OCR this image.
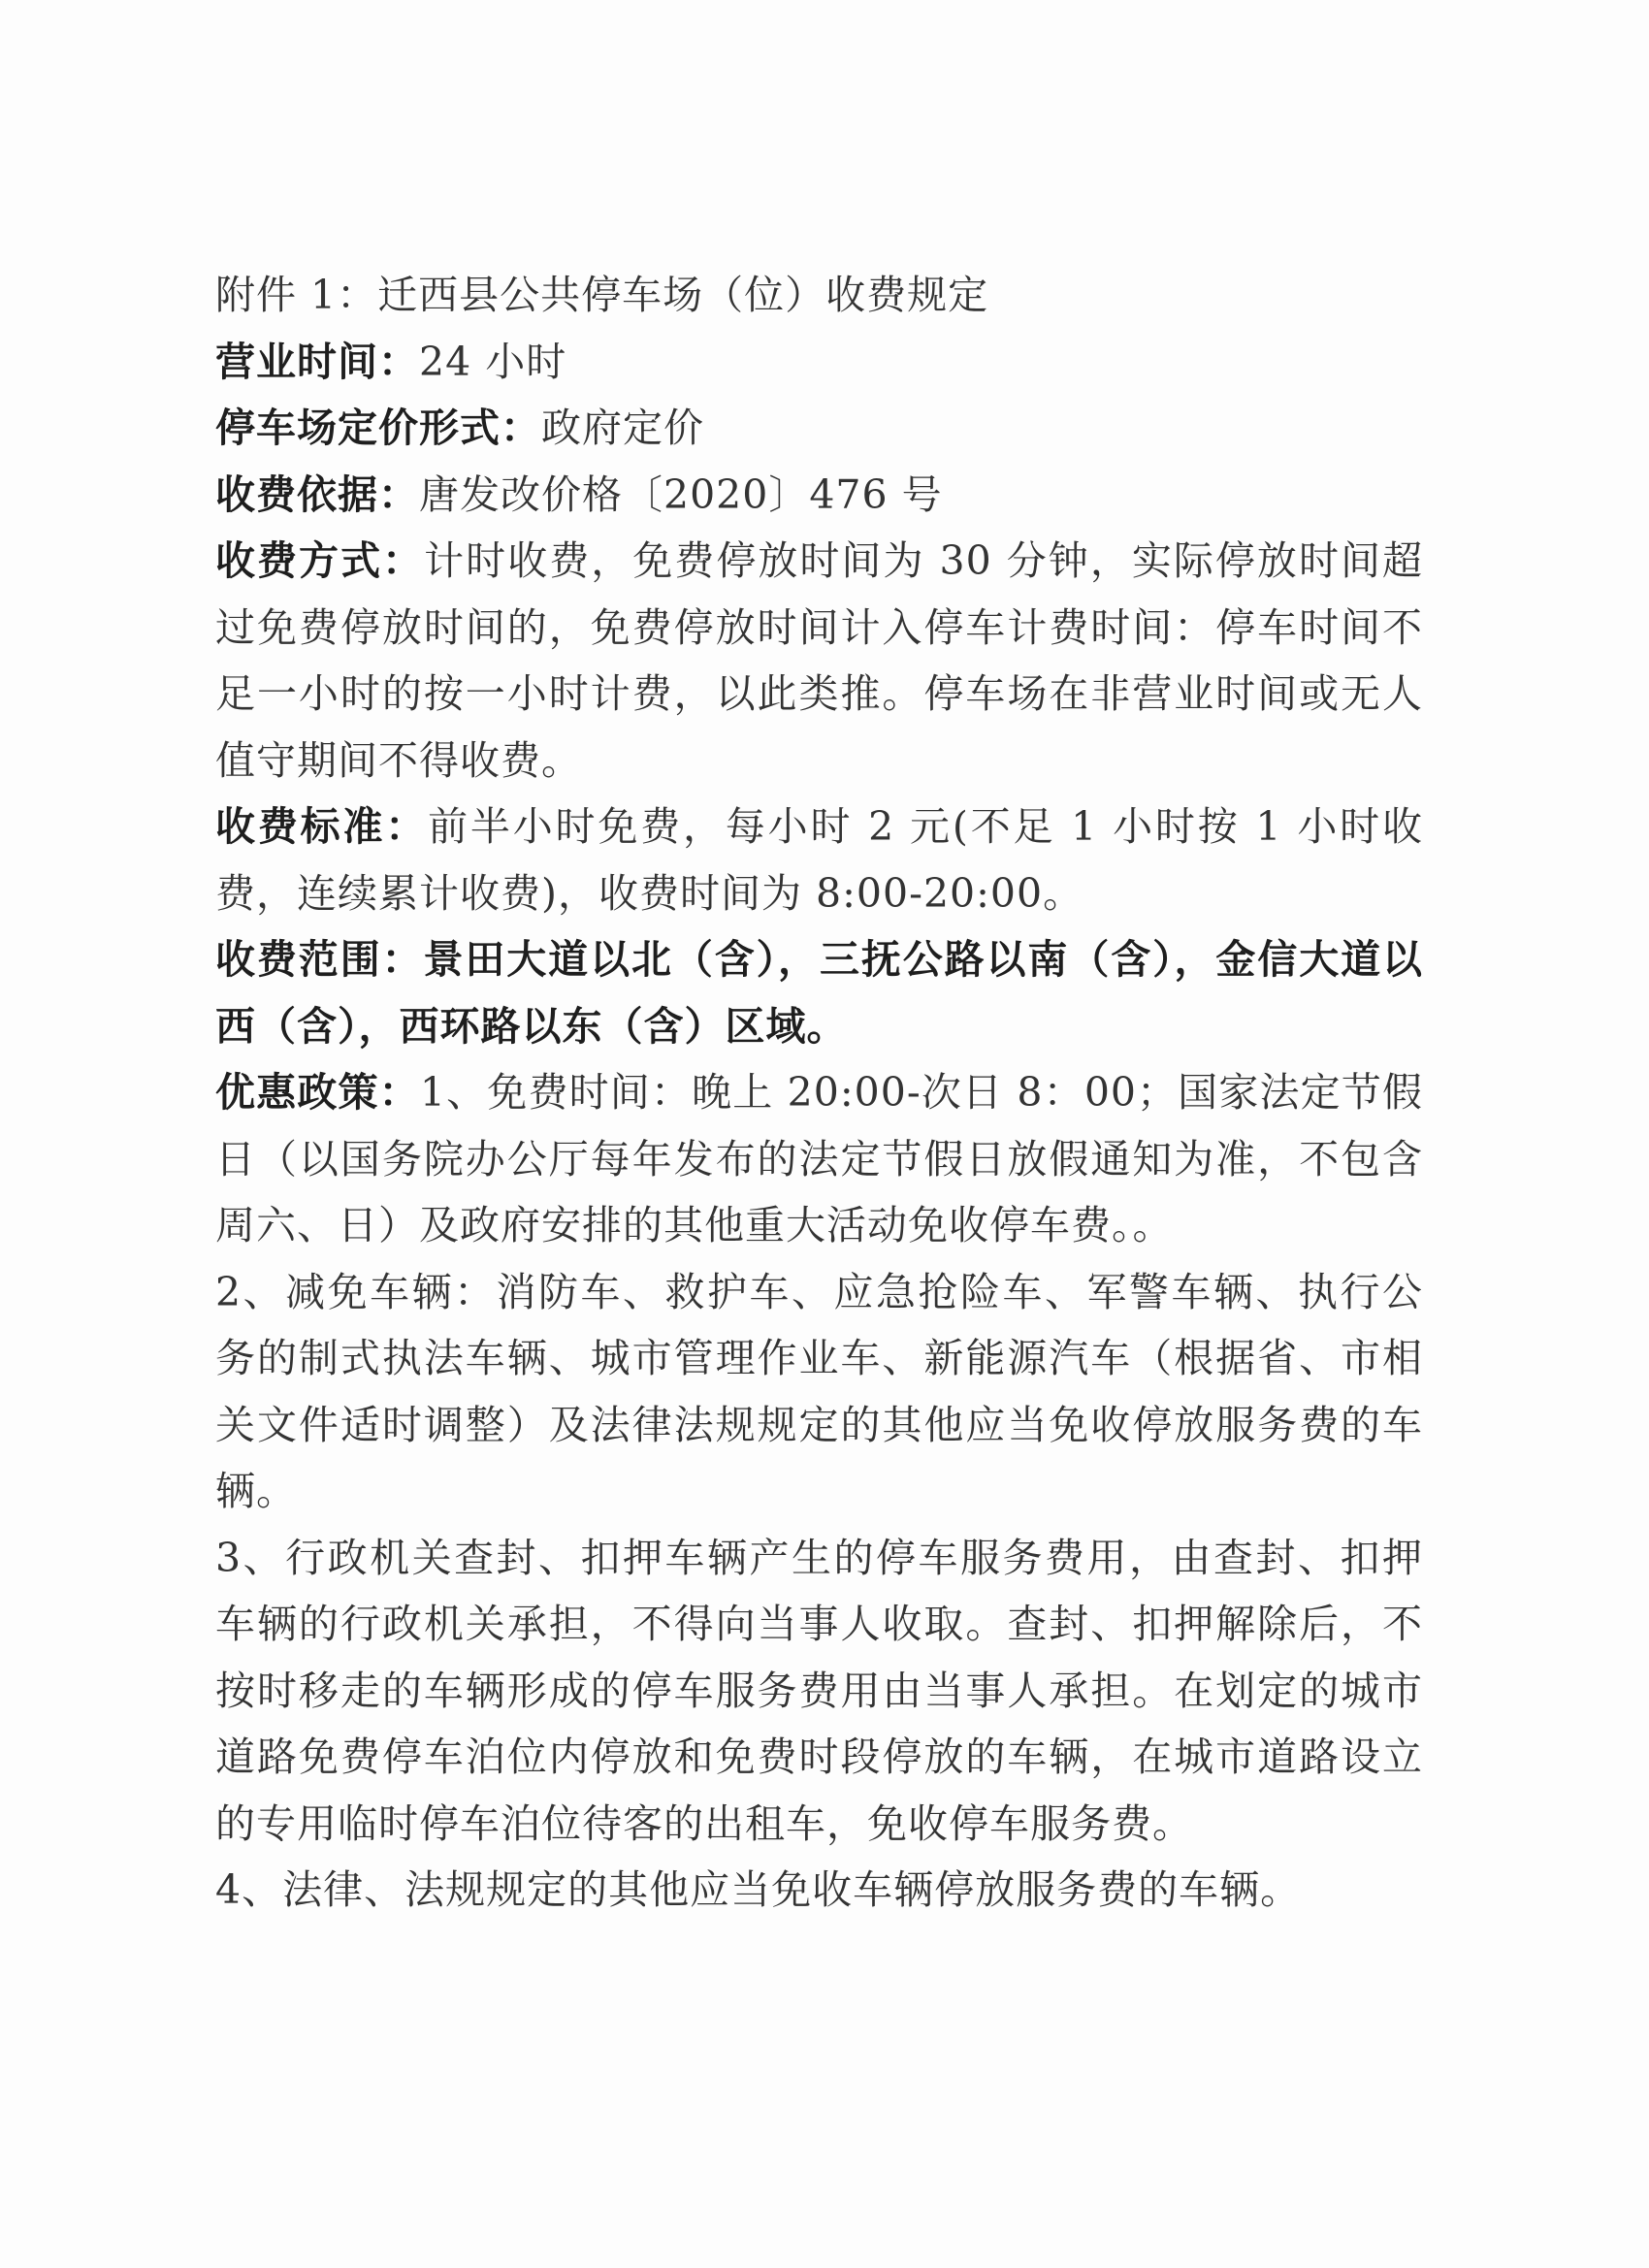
附件 1：迁西县公共停车场（位）收费规定

营业时间：24 小时

停车场定价形式：政府定价

收费依据：唐发改价格〔2020〕476 号

收费方式：计时收费，免费停放时间为 30 分钟，实际停放时间超过免费停放时间的，免费停放时间计入停车计费时间：停车时间不足一小时的按一小时计费，以此类推。停车场在非营业时间或无人值守期间不得收费。

收费标准：前半小时免费，每小时 2 元(不足 1 小时按 1 小时收费，连续累计收费)，收费时间为 8:00-20:00。

收费范围：景田大道以北（含），三抚公路以南（含），金信大道以西（含），西环路以东（含）区域。

优惠政策：1、免费时间：晚上 20:00-次日 8：00；国家法定节假日（以国务院办公厅每年发布的法定节假日放假通知为准，不包含周六、日）及政府安排的其他重大活动免收停车费。。

2、减免车辆：消防车、救护车、应急抢险车、军警车辆、执行公务的制式执法车辆、城市管理作业车、新能源汽车（根据省、市相关文件适时调整）及法律法规规定的其他应当免收停放服务费的车辆。

3、行政机关查封、扣押车辆产生的停车服务费用，由查封、扣押车辆的行政机关承担，不得向当事人收取。查封、扣押解除后，不按时移走的车辆形成的停车服务费用由当事人承担。在划定的城市道路免费停车泊位内停放和免费时段停放的车辆，在城市道路设立的专用临时停车泊位待客的出租车，免收停车服务费。

4、法律、法规规定的其他应当免收车辆停放服务费的车辆。
